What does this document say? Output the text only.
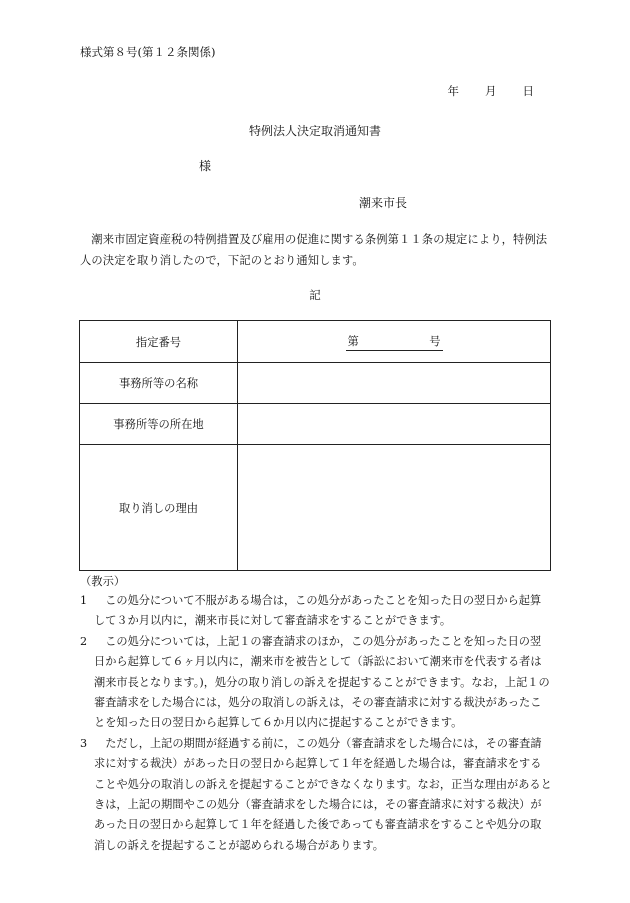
様式第８号(第１２条関係)
年 月 日
特例法人決定取消通知書
様
潮来市長
潮来市固定資産税の特例措置及び雇用の促進に関する条例第１１条の規定により，特例法人の決定を取り消したので，下記のとおり通知します。
記
指定番号	第 号
事務所等の名称	
事務所等の所在地	
取り消しの理由	
（教示）
1	この処分について不服がある場合は，この処分があったことを知った日の翌日から起算して３か月以内に，潮来市長に対して審査請求をすることができます。
2	この処分については，上記１の審査請求のほか，この処分があったことを知った日の翌日から起算して６ヶ月以内に，潮来市を被告として（訴訟において潮来市を代表する者は潮来市長となります。)，処分の取り消しの訴えを提起することができます。なお，上記１の審査請求をした場合には，処分の取消しの訴えは，その審査請求に対する裁決があったことを知った日の翌日から起算して６か月以内に提起することができます。
3	ただし，上記の期間が経過する前に，この処分（審査請求をした場合には，その審査請求に対する裁決）があった日の翌日から起算して１年を経過した場合は，審査請求をすることや処分の取消しの訴えを提起することができなくなります。なお，正当な理由があるときは，上記の期間やこの処分（審査請求をした場合には，その審査請求に対する裁決）があった日の翌日から起算して１年を経過した後であっても審査請求をすることや処分の取消しの訴えを提起することが認められる場合があります。
